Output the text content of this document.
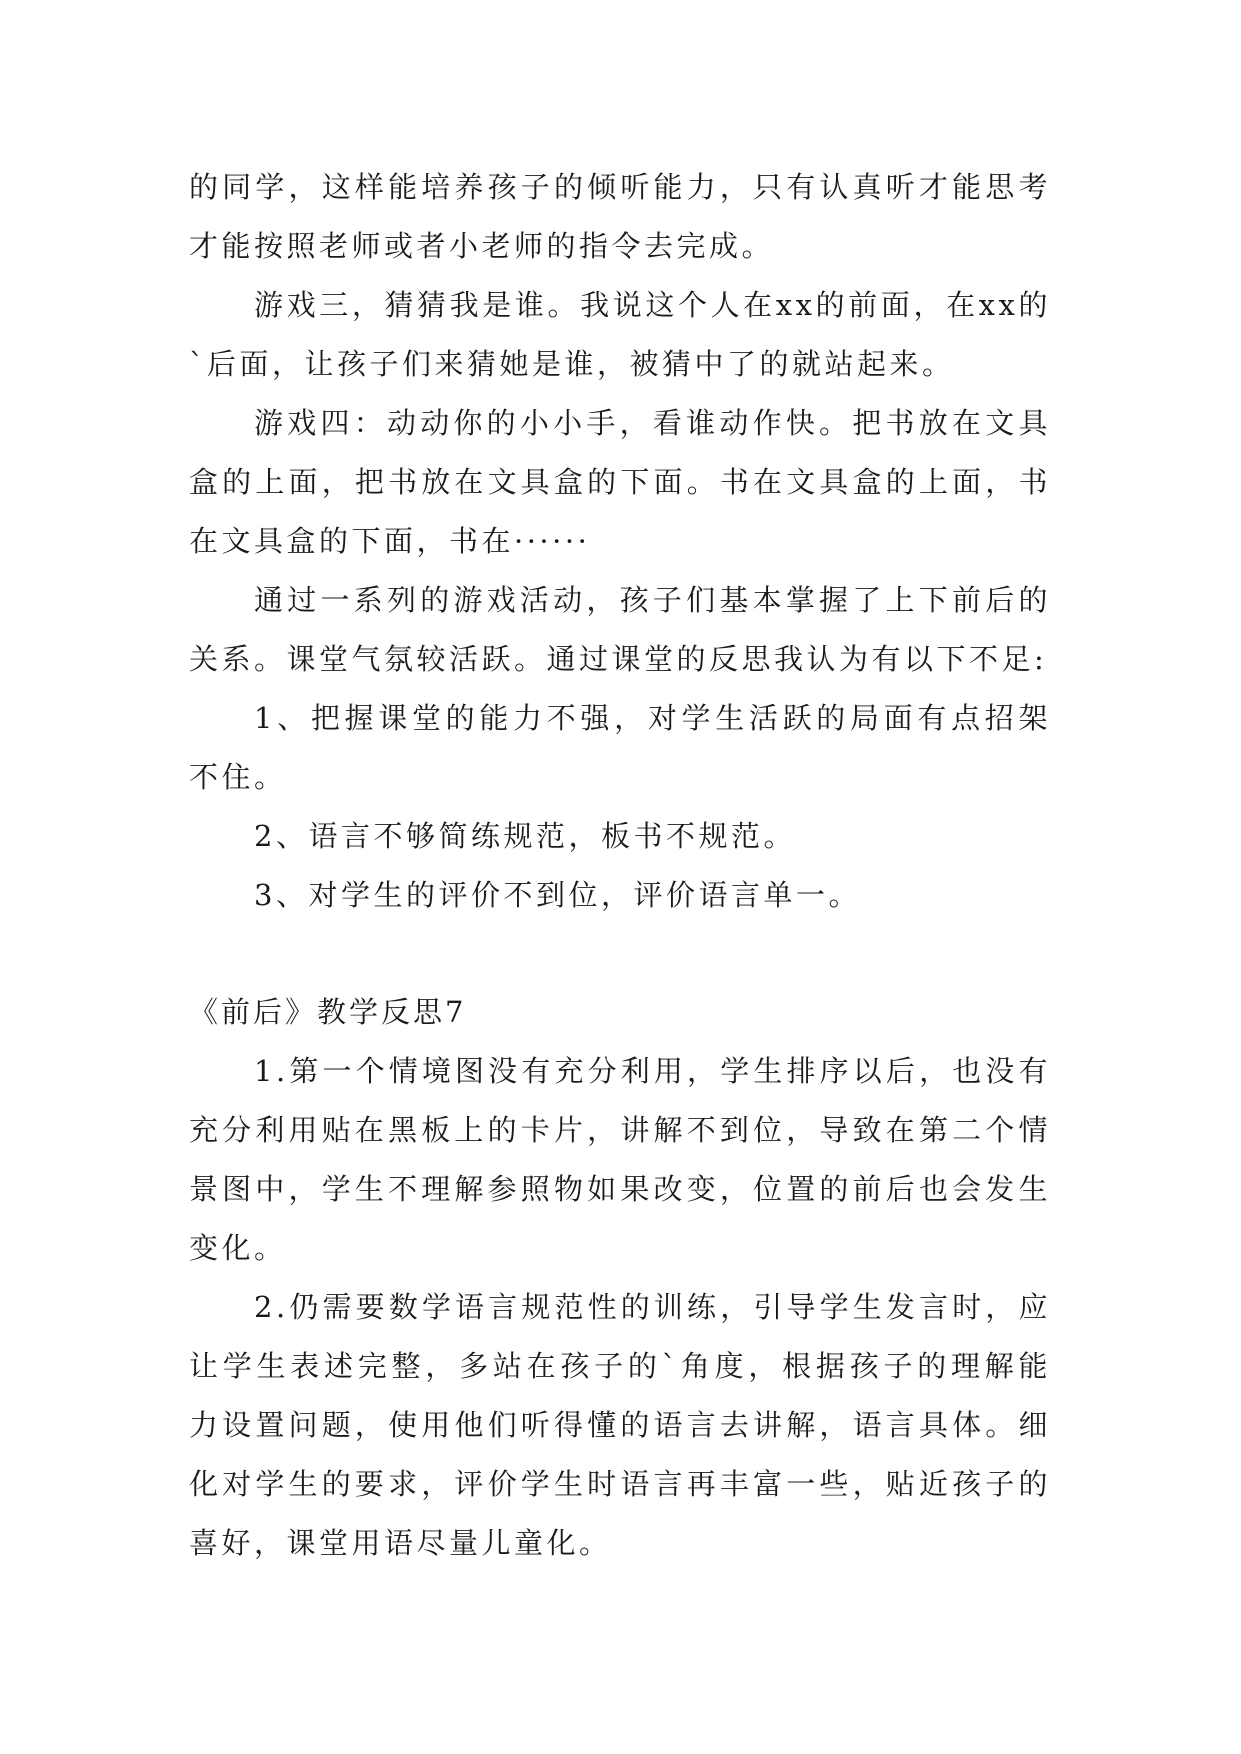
的同学，这样能培养孩子的倾听能力，只有认真听才能思考才能按照老师或者小老师的指令去完成。

游戏三，猜猜我是谁。我说这个人在xx的前面，在xx的`后面，让孩子们来猜她是谁，被猜中了的就站起来。

游戏四：动动你的小小手，看谁动作快。把书放在文具盒的上面，把书放在文具盒的下面。书在文具盒的上面，书在文具盒的下面，书在······

通过一系列的游戏活动，孩子们基本掌握了上下前后的关系。课堂气氛较活跃。通过课堂的反思我认为有以下不足:

1、把握课堂的能力不强，对学生活跃的局面有点招架不住。

2、语言不够简练规范，板书不规范。

3、对学生的评价不到位，评价语言单一。

《前后》教学反思7

1.第一个情境图没有充分利用，学生排序以后，也没有充分利用贴在黑板上的卡片，讲解不到位，导致在第二个情景图中，学生不理解参照物如果改变，位置的前后也会发生变化。

2.仍需要数学语言规范性的训练，引导学生发言时，应让学生表述完整，多站在孩子的`角度，根据孩子的理解能力设置问题，使用他们听得懂的语言去讲解，语言具体。细化对学生的要求，评价学生时语言再丰富一些，贴近孩子的喜好，课堂用语尽量儿童化。
